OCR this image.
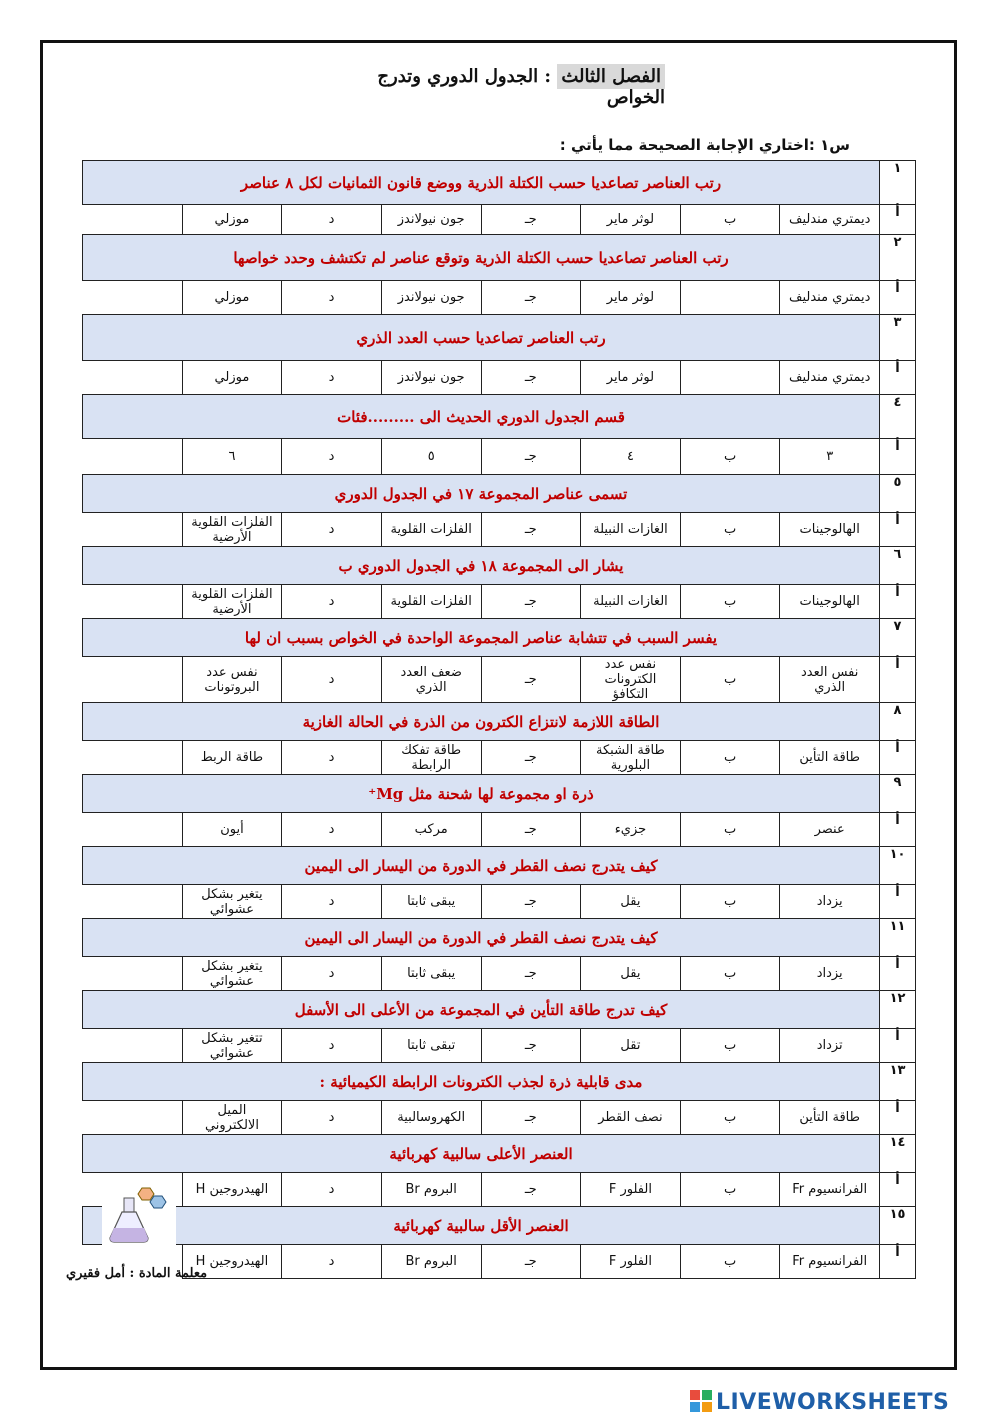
الفصل الثالث : الجدول الدوري وتدرج الخواص
س١ :اختاري الإجابة الصحيحة مما يأتي :
١	رتب العناصر تصاعديا حسب الكتلة الذرية ووضع قانون الثمانيات لكل ٨ عناصر						
أ	ديمتري مندليف	ب	لوثر ماير	جـ	جون نيولاندز	د	موزلي
٢	رتب العناصر تصاعديا حسب الكتلة الذرية وتوقع عناصر لم تكتشف وحدد خواصها						
أ	ديمتري مندليف		لوثر ماير	جـ	جون نيولاندز	د	موزلي
٣	رتب العناصر تصاعديا حسب العدد الذري						
أ	ديمتري مندليف		لوثر ماير	جـ	جون نيولاندز	د	موزلي
٤	قسم الجدول الدوري الحديث الى .........فئات						
أ	٣	ب	٤	جـ	٥	د	٦
٥	تسمى عناصر المجموعة ١٧ في الجدول الدوري						
أ	الهالوجينات	ب	الغازات النبيلة	جـ	الفلزات القلوية	د	الفلزات القلوية الأرضية
٦	يشار الى المجموعة ١٨ في الجدول الدوري ب						
أ	الهالوجينات	ب	الغازات النبيلة	جـ	الفلزات القلوية	د	الفلزات القلوية الأرضية
٧	يفسر السبب في تتشابة عناصر المجموعة الواحدة في الخواص بسبب ان لها						
أ	نفس العدد الذري	ب	نفس عدد الكترونات التكافؤ	جـ	ضعف العدد الذري	د	نفس عدد البروتونات
٨	الطاقة اللازمة لانتزاع الكترون من الذرة في الحالة الغازية						
أ	طاقة التأين	ب	طاقة الشبكة البلورية	جـ	طاقة تفكك الرابطة	د	طاقة الربط
٩	ذرة او مجموعة لها شحنة مثل Mg⁺						
أ	عنصر	ب	جزيء	جـ	مركب	د	أيون
١٠	كيف يتدرج نصف القطر في الدورة من اليسار الى اليمين						
أ	يزداد	ب	يقل	جـ	يبقى ثابتا	د	يتغير بشكل عشوائي
١١	كيف يتدرج نصف القطر في الدورة من اليسار الى اليمين						
أ	يزداد	ب	يقل	جـ	يبقى ثابتا	د	يتغير بشكل عشوائي
١٢	كيف تدرج طاقة التأين في المجموعة من الأعلى الى الأسفل						
أ	تزداد	ب	تقل	جـ	تبقى ثابتا	د	تتغير بشكل عشوائي
١٣	مدى قابلية ذرة لجذب الكترونات الرابطة الكيميائية :						
أ	طاقة التأين	ب	نصف القطر	جـ	الكهروسالبية	د	الميل الالكتروني
١٤	العنصر الأعلى سالبية كهربائية						
أ	الفرانسيوم Fr	ب	الفلور F	جـ	البروم Br	د	الهيدروجين H
١٥	العنصر الأقل سالبية كهربائية						
أ	الفرانسيوم Fr	ب	الفلور F	جـ	البروم Br	د	الهيدروجين H
معلمة المادة : أمل فقيري
LIVEWORKSHEETS
